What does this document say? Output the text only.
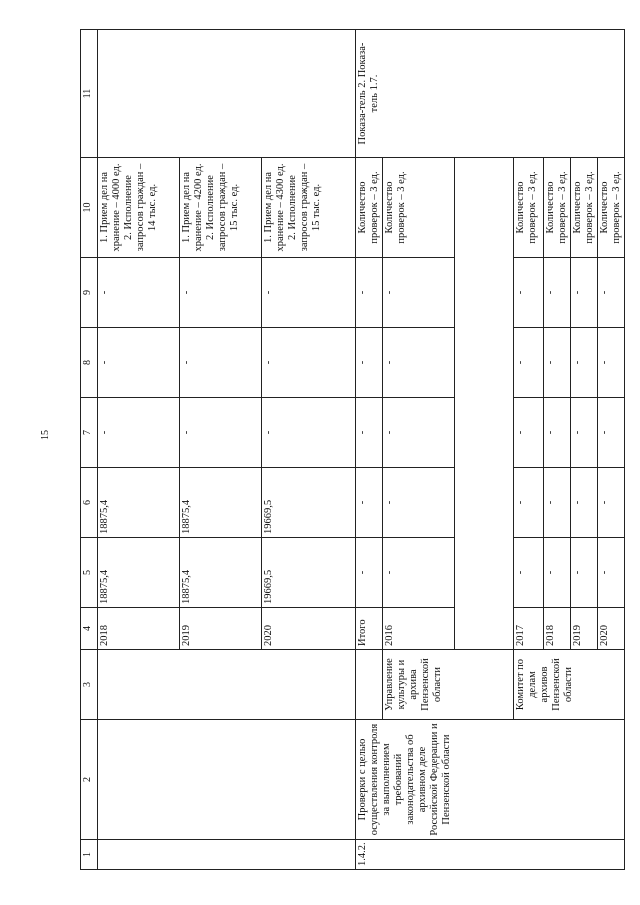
15
1	2	3	4	5	6	7	8	9	10	11
			2018	18875,4	18875,4	-	-	-	1. Прием дел на хранение – 4000 ед.
2. Исполнение запросов граждан – 14 тыс. ед.	

			2019	18875,4	18875,4	-	-	-	1. Прием дел на хранение – 4200 ед.
2. Исполнение запросов граждан – 15 тыс. ед.	

			2020	19669,5	19669,5	-	-	-	1. Прием дел на хранение – 4300 ед.
2. Исполнение запросов граждан – 15 тыс. ед.	

1.4.2.	Проверки с целью осуществления контроля за выполнением требований законодательства об архивном деле Российской Федерации и Пензенской области		Итого	-	-	-	-	-	Количество проверок – 3 ед.	Показа-тель 2. Показа-тель 1.7.

		Управление культуры и архива Пензенской области	2016	-	-	-	-	-	Количество проверок – 3 ед.	

		Комитет по делам архивов Пензенской области	2017	-	-	-	-	-	Количество проверок – 3 ед.	

			2018	-	-	-	-	-	Количество проверок – 3 ед.	

			2019	-	-	-	-	-	Количество проверок – 3 ед.	

			2020	-	-	-	-	-	Количество проверок – 3 ед.	
